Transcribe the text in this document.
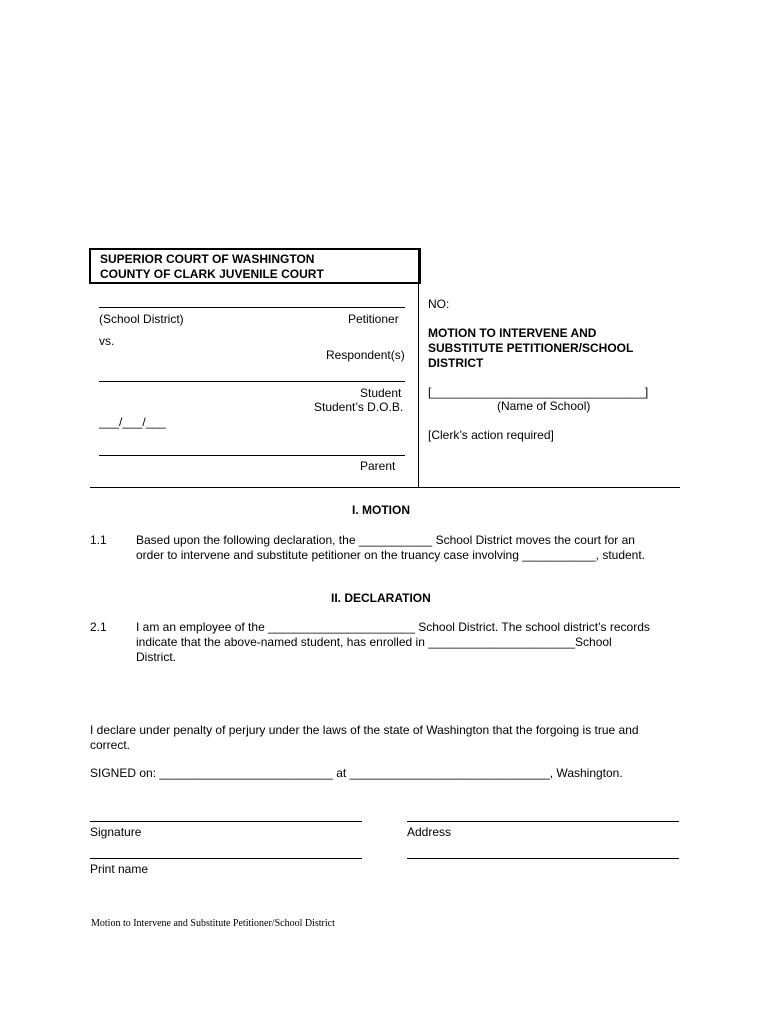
SUPERIOR COURT OF WASHINGTON
COUNTY OF CLARK JUVENILE COURT
(School District)	Petitioner
vs.
Respondent(s)
Student
Student’s D.O.B.
___/___/___
Parent
NO:
MOTION TO INTERVENE AND
SUBSTITUTE PETITIONER/SCHOOL
DISTRICT
[________________________________]
(Name of School)
[Clerk’s action required]
I. MOTION
1.1 Based upon the following declaration, the ___________ School District moves the court for an
order to intervene and substitute petitioner on the truancy case involving ___________, student.
II. DECLARATION
2.1 I am an employee of the ______________________ School District. The school district’s records
indicate that the above-named student, has enrolled in ______________________School
District.
I declare under penalty of perjury under the laws of the state of Washington that the forgoing is true and
correct.
SIGNED on: __________________________ at ______________________________, Washington.
Signature	Address
Print name
Motion to Intervene and Substitute Petitioner/School District
